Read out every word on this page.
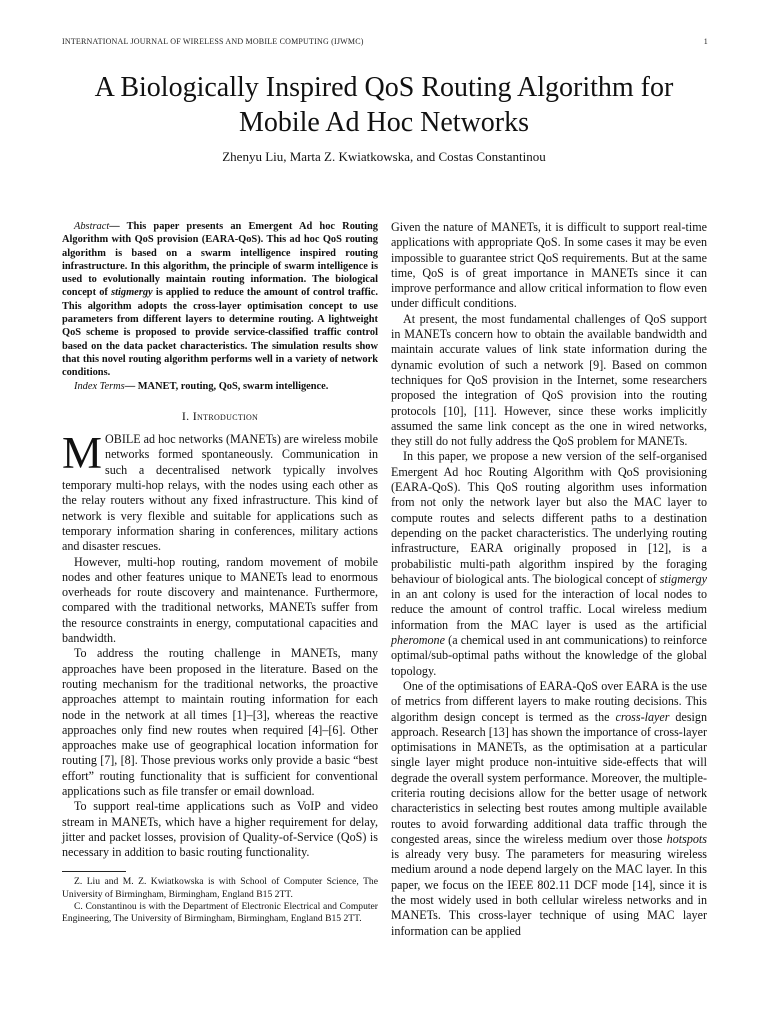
INTERNATIONAL JOURNAL OF WIRELESS AND MOBILE COMPUTING (IJWMC)	1
A Biologically Inspired QoS Routing Algorithm for
Mobile Ad Hoc Networks
Zhenyu Liu, Marta Z. Kwiatkowska, and Costas Constantinou

Abstract— This paper presents an Emergent Ad hoc Routing Algorithm with QoS provision (EARA-QoS). This ad hoc QoS routing algorithm is based on a swarm intelligence inspired routing infrastructure. In this algorithm, the principle of swarm intelligence is used to evolutionally maintain routing information. The biological concept of stigmergy is applied to reduce the amount of control traffic. This algorithm adopts the cross-layer optimisation concept to use parameters from different layers to determine routing. A lightweight QoS scheme is proposed to provide service-classified traffic control based on the data packet characteristics. The simulation results show that this novel routing algorithm performs well in a variety of network conditions.

Index Terms— MANET, routing, QoS, swarm intelligence.

I. Introduction

MOBILE ad hoc networks (MANETs) are wireless mobile networks formed spontaneously. Communication in such a decentralised network typically involves temporary multi-hop relays, with the nodes using each other as the relay routers without any fixed infrastructure. This kind of network is very flexible and suitable for applications such as temporary information sharing in conferences, military actions and disaster rescues.

However, multi-hop routing, random movement of mobile nodes and other features unique to MANETs lead to enormous overheads for route discovery and maintenance. Furthermore, compared with the traditional networks, MANETs suffer from the resource constraints in energy, computational capacities and bandwidth.

To address the routing challenge in MANETs, many approaches have been proposed in the literature. Based on the routing mechanism for the traditional networks, the proactive approaches attempt to maintain routing information for each node in the network at all times [1]–[3], whereas the reactive approaches only find new routes when required [4]–[6]. Other approaches make use of geographical location information for routing [7], [8]. Those previous works only provide a basic “best effort” routing functionality that is sufficient for conventional applications such as file transfer or email download.

To support real-time applications such as VoIP and video stream in MANETs, which have a higher requirement for delay, jitter and packet losses, provision of Quality-of-Service (QoS) is necessary in addition to basic routing functionality.

Z. Liu and M. Z. Kwiatkowska is with School of Computer Science, The University of Birmingham, Birmingham, England B15 2TT.

C. Constantinou is with the Department of Electronic Electrical and Computer Engineering, The University of Birmingham, Birmingham, England B15 2TT.

Given the nature of MANETs, it is difficult to support real-time applications with appropriate QoS. In some cases it may be even impossible to guarantee strict QoS requirements. But at the same time, QoS is of great importance in MANETs since it can improve performance and allow critical information to flow even under difficult conditions.

At present, the most fundamental challenges of QoS support in MANETs concern how to obtain the available bandwidth and maintain accurate values of link state information during the dynamic evolution of such a network [9]. Based on common techniques for QoS provision in the Internet, some researchers proposed the integration of QoS provision into the routing protocols [10], [11]. However, since these works implicitly assumed the same link concept as the one in wired networks, they still do not fully address the QoS problem for MANETs.

In this paper, we propose a new version of the self-organised Emergent Ad hoc Routing Algorithm with QoS provisioning (EARA-QoS). This QoS routing algorithm uses information from not only the network layer but also the MAC layer to compute routes and selects different paths to a destination depending on the packet characteristics. The underlying routing infrastructure, EARA originally proposed in [12], is a probabilistic multi-path algorithm inspired by the foraging behaviour of biological ants. The biological concept of stigmergy in an ant colony is used for the interaction of local nodes to reduce the amount of control traffic. Local wireless medium information from the MAC layer is used as the artificial pheromone (a chemical used in ant communications) to reinforce optimal/sub-optimal paths without the knowledge of the global topology.

One of the optimisations of EARA-QoS over EARA is the use of metrics from different layers to make routing decisions. This algorithm design concept is termed as the cross-layer design approach. Research [13] has shown the importance of cross-layer optimisations in MANETs, as the optimisation at a particular single layer might produce non-intuitive side-effects that will degrade the overall system performance. Moreover, the multiple-criteria routing decisions allow for the better usage of network characteristics in selecting best routes among multiple available routes to avoid forwarding additional data traffic through the congested areas, since the wireless medium over those hotspots is already very busy. The parameters for measuring wireless medium around a node depend largely on the MAC layer. In this paper, we focus on the IEEE 802.11 DCF mode [14], since it is the most widely used in both cellular wireless networks and in MANETs. This cross-layer technique of using MAC layer information can be applied
